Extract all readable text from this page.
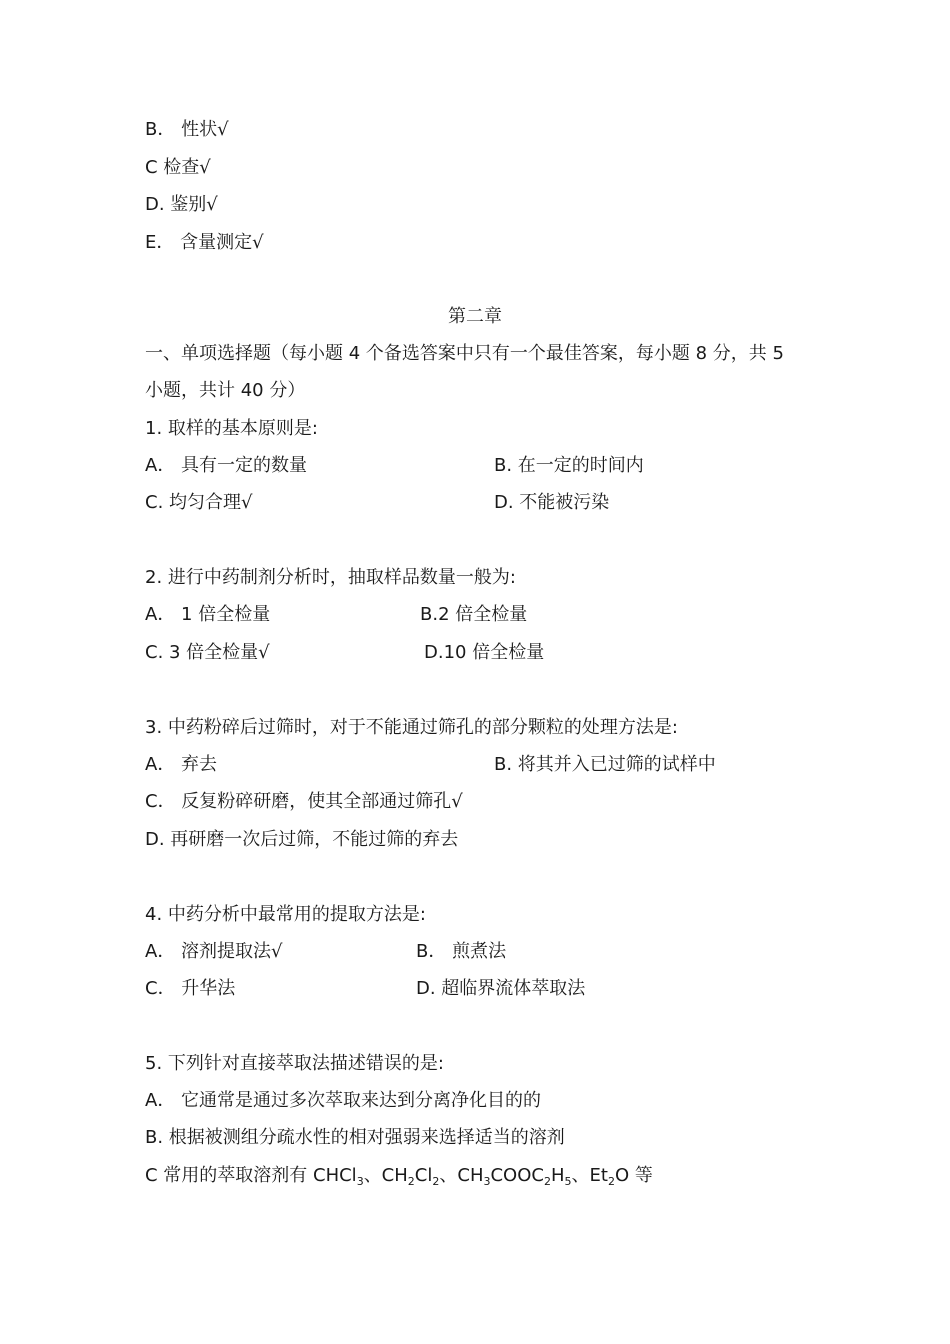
B． 性状√
C 检查√
D. 鉴别√
E． 含量测定√
第二章
一、单项选择题（每小题 4 个备选答案中只有一个最佳答案，每小题 8 分，共 5
小题，共计 40 分）
1. 取样的基本原则是:
A． 具有一定的数量	B. 在一定的时间内
C. 均匀合理√	D. 不能被污染
2. 进行中药制剂分析时，抽取样品数量一般为:
A． 1 倍全检量	B.2 倍全检量
C. 3 倍全检量√	D.10 倍全检量
3. 中药粉碎后过筛时，对于不能通过筛孔的部分颗粒的处理方法是:
A． 弃去	B. 将其并入已过筛的试样中
C． 反复粉碎研磨，使其全部通过筛孔√
D. 再研磨一次后过筛，不能过筛的弃去
4. 中药分析中最常用的提取方法是:
A． 溶剂提取法√	B． 煎煮法
C． 升华法	D. 超临界流体萃取法
5. 下列针对直接萃取法描述错误的是:
A． 它通常是通过多次萃取来达到分离净化目的的
B. 根据被测组分疏水性的相对强弱来选择适当的溶剂
C 常用的萃取溶剂有 CHCl$_3$、$CH_2Cl_2$、$CH_3COOC_2H_5$、$Et_2O$ 等
